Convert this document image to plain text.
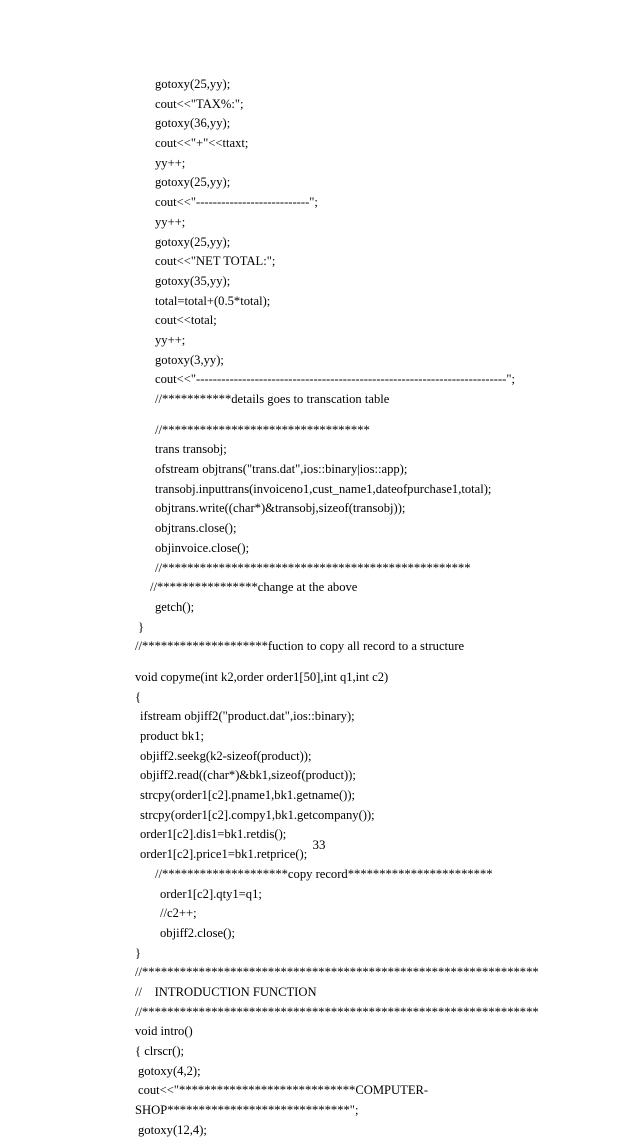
gotoxy(25,yy);
cout<<"TAX%:";
gotoxy(36,yy);
cout<<"+"<<ttaxt;
yy++;
gotoxy(25,yy);
cout<<"---------------------------";
yy++;
gotoxy(25,yy);
cout<<"NET TOTAL:";
gotoxy(35,yy);
total=total+(0.5*total);
cout<<total;
yy++;
gotoxy(3,yy);
cout<<"--------------------------------------------------------------------------";
//***********details goes to transcation table
//*********************************
trans transobj;
ofstream objtrans("trans.dat",ios::binary|ios::app);
transobj.inputtrans(invoiceno1,cust_name1,dateofpurchase1,total);
objtrans.write((char*)&transobj,sizeof(transobj));
objtrans.close();
objinvoice.close();
//*************************************************
//****************change at the above
getch();
}
//********************fuction to copy all record to a structure
void copyme(int k2,order order1[50],int q1,int c2)
{
ifstream objiff2("product.dat",ios::binary);
product bk1;
objiff2.seekg(k2-sizeof(product));
objiff2.read((char*)&bk1,sizeof(product));
strcpy(order1[c2].pname1,bk1.getname());
strcpy(order1[c2].compy1,bk1.getcompany());
order1[c2].dis1=bk1.retdis();
order1[c2].price1=bk1.retprice();
//********************copy record***********************
order1[c2].qty1=q1;
//c2++;
objiff2.close();
}
//***************************************************************
//    INTRODUCTION FUNCTION
//***************************************************************
void intro()
{ clrscr();
gotoxy(4,2);
cout<<"****************************COMPUTER-
SHOP*****************************";
gotoxy(12,4);
33
